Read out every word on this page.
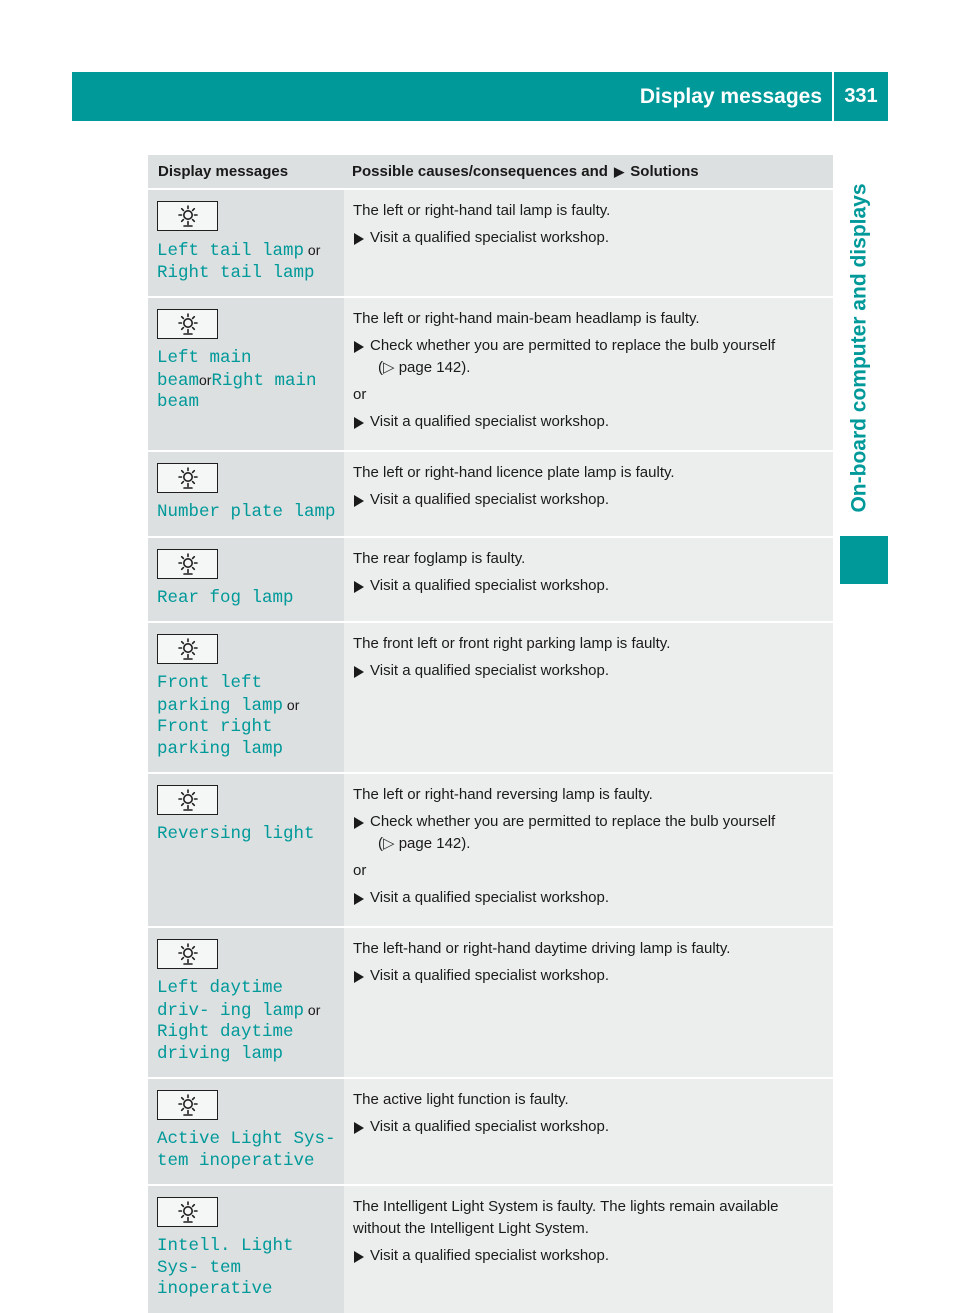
Display messages	331
On-board computer and displays
Display messages	Possible causes/consequences and ▶ Solutions

Left tail lamp or Right tail lamp	The left or right-hand tail lamp is faulty.
Visit a qualified specialist workshop.

Left main beamorRight main beam	The left or right-hand main-beam headlamp is faulty.
Check whether you are permitted to replace the bulb yourself
(▷ page 142).
or
Visit a qualified specialist workshop.

Number plate lamp	The left or right-hand licence plate lamp is faulty.
Visit a qualified specialist workshop.

Rear fog lamp	The rear foglamp is faulty.
Visit a qualified specialist workshop.

Front left parking lamp or Front right parking lamp	The front left or front right parking lamp is faulty.
Visit a qualified specialist workshop.

Reversing light	The left or right-hand reversing lamp is faulty.
Check whether you are permitted to replace the bulb yourself
(▷ page 142).
or
Visit a qualified specialist workshop.

Left daytime driv‐ ing lamp or Right daytime driving lamp	The left-hand or right-hand daytime driving lamp is faulty.
Visit a qualified specialist workshop.

Active Light Sys‐ tem inoperative	The active light function is faulty.
Visit a qualified specialist workshop.

Intell. Light Sys‐ tem inoperative	The Intelligent Light System is faulty. The lights remain available without the Intelligent Light System.
Visit a qualified specialist workshop.
